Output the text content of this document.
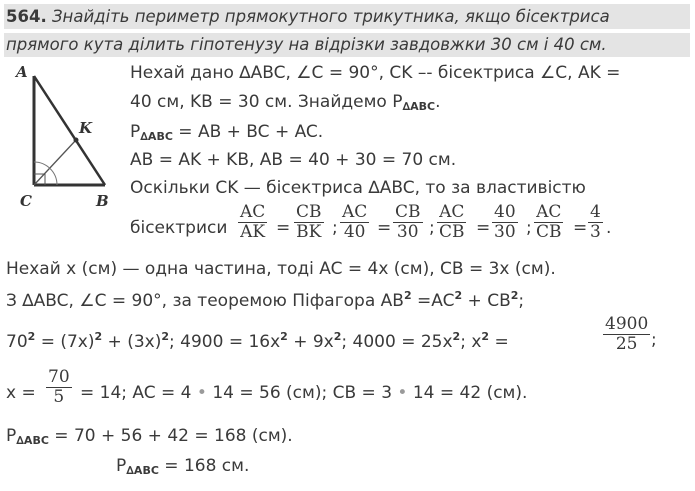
564. Знайдіть периметр прямокутного трикутника, якщо бісектриса
прямого кута ділить гіпотенузу на відрізки завдовжки 30 см і 40 см.
A
K
C	B
Нехай дано ∆ABC, ∠C = 90°, CK –- бісектриса ∠C, AK =
40 см, KB = 30 см. Знайдемо $P_{\Delta ABC}$.
$P_{\Delta ABC}$ = AB + BC + AC.
AB = AK + KB, AB = 40 + 30 = 70 см.
Оскільки CK — бісектриса ∆ABC, то за властивістю
бісектриси $\frac{AC}{AK} = \frac{CB}{BK}$ ; $\frac{AC}{40} = \frac{CB}{30}$ ; $\frac{AC}{CB} = \frac{40}{30}$ ; $\frac{AC}{CB} = \frac{4}{3}$ .
Нехай x (см) — одна частина, тоді AC = 4x (см), CB = 3x (см).
З ∆ABC, ∠C = 90°, за теоремою Піфагора $AB^2 =AC^2 + CB^2$;
$70^2 = (7x)^2 + (3x)^2$; $4900 = 16x^2 + 9x^2$; $4000 = 25x^2$; $x^2$ =	$\frac{4900}{25}$ ;
$x = \frac{70}{5} = 14$; AC = 4 • 14 = 56 (см); CB = 3 • 14 = 42 (см).
$P_{\Delta ABC} = 70 + 56 + 42 = 168$ (см).
$P_{\Delta ABC} = 168$ см.
